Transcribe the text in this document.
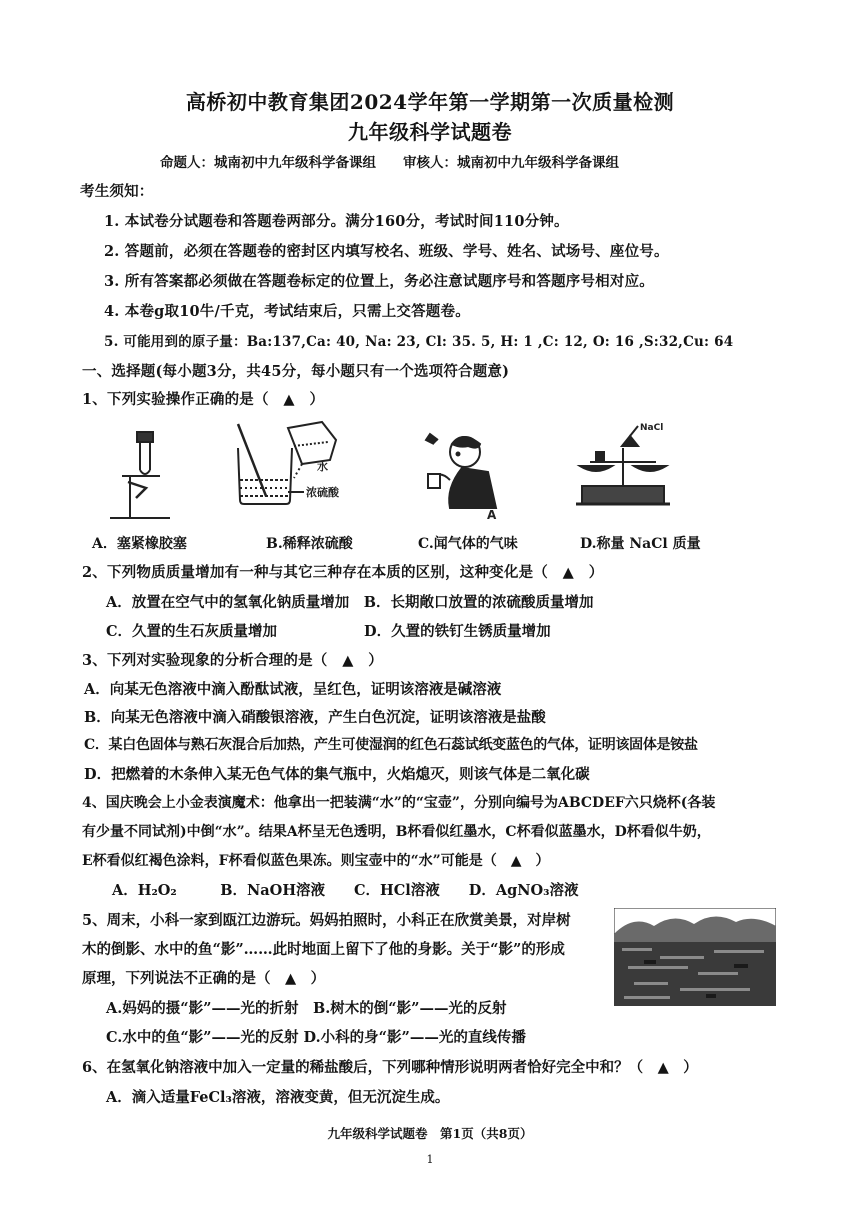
高桥初中教育集团2024学年第一学期第一次质量检测
九年级科学试题卷
命题人：城南初中九年级科学备课组　　审核人：城南初中九年级科学备课组
考生须知：
1. 本试卷分试题卷和答题卷两部分。满分160分，考试时间110分钟。
2. 答题前，必须在答题卷的密封区内填写校名、班级、学号、姓名、试场号、座位号。
3. 所有答案都必须做在答题卷标定的位置上，务必注意试题序号和答题序号相对应。
4. 本卷g取10牛/千克，考试结束后，只需上交答题卷。
5. 可能用到的原子量：Ba:137,Ca: 40, Na: 23, Cl: 35. 5, H: 1 ,C: 12, O: 16 ,S:32,Cu: 64
一、选择题(每小题3分，共45分，每小题只有一个选项符合题意)
1、下列实验操作正确的是（　▲　）
水
浓硫酸
A
NaCl
A．塞紧橡胶塞	B.稀释浓硫酸	C.闻气体的气味	D.称量 NaCl 质量
2、下列物质质量增加有一种与其它三种存在本质的区别，这种变化是（　▲　）
A．放置在空气中的氢氧化钠质量增加　B．长期敞口放置的浓硫酸质量增加
C．久置的生石灰质量增加　　　　　　D．久置的铁钉生锈质量增加
3、下列对实验现象的分析合理的是（　▲　）
A．向某无色溶液中滴入酚酞试液，呈红色，证明该溶液是碱溶液
B．向某无色溶液中滴入硝酸银溶液，产生白色沉淀，证明该溶液是盐酸
C．某白色固体与熟石灰混合后加热，产生可使湿润的红色石蕊试纸变蓝色的气体，证明该固体是铵盐
D．把燃着的木条伸入某无色气体的集气瓶中，火焰熄灭，则该气体是二氧化碳
4、国庆晚会上小金表演魔术：他拿出一把装满“水”的“宝壶”，分别向编号为ABCDEF六只烧杯(各装
有少量不同试剂)中倒“水”。结果A杯呈无色透明，B杯看似红墨水，C杯看似蓝墨水，D杯看似牛奶，
E杯看似红褐色涂料，F杯看似蓝色果冻。则宝壶中的“水”可能是（　▲　）
A．H₂O₂　　　B．NaOH溶液　　C．HCl溶液　　D．AgNO₃溶液
5、周末，小科一家到瓯江边游玩。妈妈拍照时，小科正在欣赏美景，对岸树
木的倒影、水中的鱼“影”……此时地面上留下了他的身影。关于“影”的形成
原理，下列说法不正确的是（　▲　）
A.妈妈的摄“影”——光的折射　B.树木的倒“影”——光的反射
C.水中的鱼“影”——光的反射 D.小科的身“影”——光的直线传播
6、在氢氧化钠溶液中加入一定量的稀盐酸后，下列哪种情形说明两者恰好完全中和？（　▲　）
A．滴入适量FeCl₃溶液，溶液变黄，但无沉淀生成。
九年级科学试题卷　第1页（共8页）
1
